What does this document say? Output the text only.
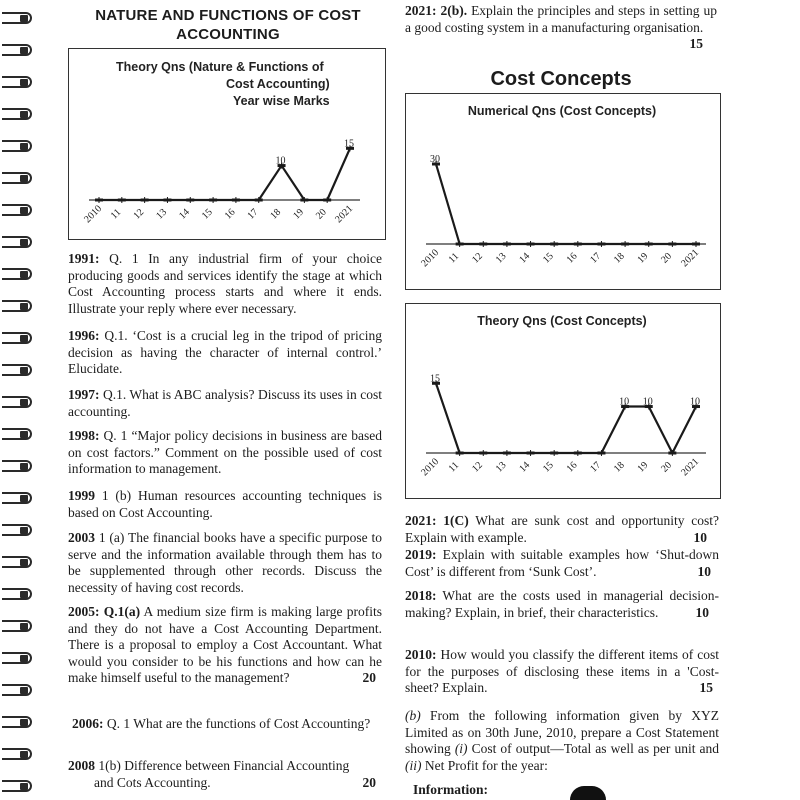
NATURE AND FUNCTIONS OF COST ACCOUNTING
Theory Qns (Nature & Functions of
Cost Accounting)
Year wise Marks
2010 11 12 13 14 15 16 17
10
18 19 20
15
2021
1991: Q. 1 In any industrial firm of your choice producing goods and services identify the stage at which Cost Accounting process starts and where it ends. Illustrate your reply where ever necessary.
1996: Q.1. ‘Cost is a crucial leg in the tripod of pricing decision as having the character of internal control.’ Elucidate.
1997: Q.1. What is ABC analysis? Discuss its uses in cost accounting.
1998: Q. 1 “Major policy decisions in business are based on cost factors.” Comment on the possible used of cost information to management.
1999 1 (b) Human resources accounting techniques is based on Cost Accounting.
2003 1 (a) The financial books have a specific purpose to serve and the information available through them has to be supplemented through other records. Discuss the necessity of having cost records.
2005: Q.1(a) A medium size firm is making large profits and they do not have a Cost Accounting Department. There is a proposal to employ a Cost Accountant. What would you consider to be his functions and how can he make himself useful to the management?	20
2006: Q. 1 What are the functions of Cost Accounting?
2008 1(b) Difference between Financial Accounting
and Cots Accounting.	20
2021: 2(b). Explain the principles and steps in setting up a good costing system in a manufacturing organisation.
15
Cost Concepts
Numerical Qns (Cost Concepts)
30
2010 11 12 13 14 15 16 17 18 19 20 2021
Theory Qns (Cost Concepts)
15
2010 11 12 13 14 15 16 17
10
18
10
19 20
10
2021
2021: 1(C) What are sunk cost and opportunity cost? Explain with example.	10
2019: Explain with suitable examples how ‘Shut-down Cost’ is different from ‘Sunk Cost’.	10
2018: What are the costs used in managerial decision-making? Explain, in brief, their characteristics.	10
2010: How would you classify the different items of cost for the purposes of disclosing these items in a 'Cost-sheet? Explain.	15
(b) From the following information given by XYZ Limited as on 30th June, 2010, prepare a Cost Statement showing (i) Cost of output—Total as well as per unit and (ii) Net Profit for the year:
Information:
